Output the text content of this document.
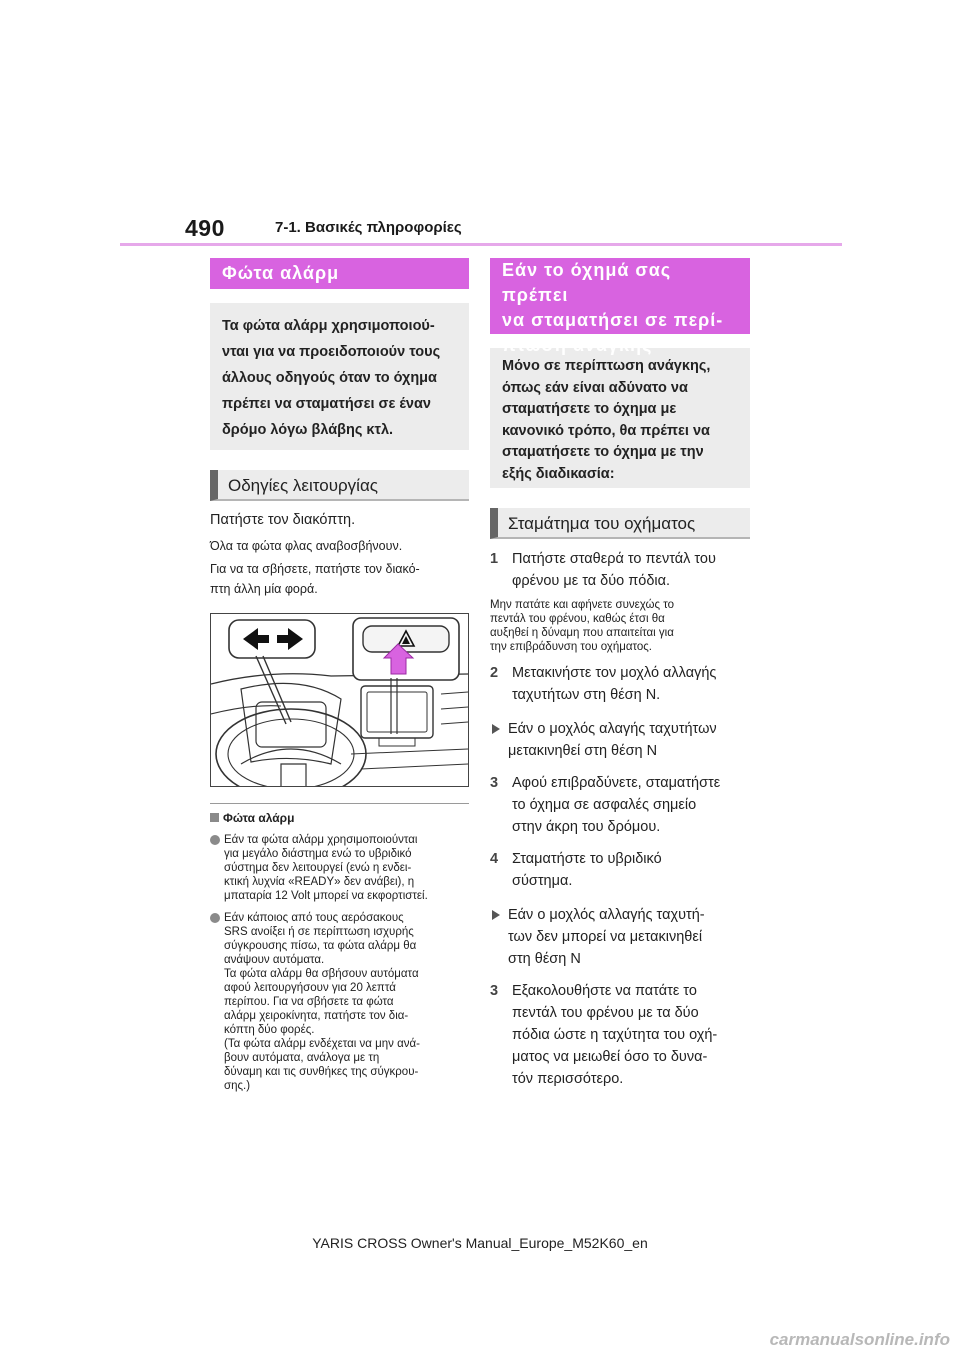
490	7-1. Βασικές πληροφορίες
Φώτα αλάρμ
Τα φώτα αλάρμ χρησιμοποιού-
νται για να προειδοποιούν τους
άλλους οδηγούς όταν το όχημα
πρέπει να σταματήσει σε έναν
δρόμο λόγω βλάβης κτλ.
Οδηγίες λειτουργίας
Πατήστε τον διακόπτη.
Όλα τα φώτα φλας αναβοσβήνουν.
Για να τα σβήσετε, πατήστε τον διακό-
πτη άλλη μία φορά.
Φώτα αλάρμ
Εάν τα φώτα αλάρμ χρησιμοποιούνται
για μεγάλο διάστημα ενώ το υβριδικό
σύστημα δεν λειτουργεί (ενώ η ενδει-
κτική λυχνία «READY» δεν ανάβει), η
μπαταρία 12 Volt μπορεί να εκφορτιστεί.
Εάν κάποιος από τους αερόσακους
SRS ανοίξει ή σε περίπτωση ισχυρής
σύγκρουσης πίσω, τα φώτα αλάρμ θα
ανάψουν αυτόματα.
Τα φώτα αλάρμ θα σβήσουν αυτόματα
αφού λειτουργήσουν για 20 λεπτά
περίπου. Για να σβήσετε τα φώτα
αλάρμ χειροκίνητα, πατήστε τον δια-
κόπτη δύο φορές.
(Τα φώτα αλάρμ ενδέχεται να μην ανά-
βουν αυτόματα, ανάλογα με τη
δύναμη και τις συνθήκες της σύγκρου-
σης.)
Εάν το όχημά σας πρέπει
να σταματήσει σε περί-
πτωση ανάγκης
Μόνο σε περίπτωση ανάγκης,
όπως εάν είναι αδύνατο να
σταματήσετε το όχημα με
κανονικό τρόπο, θα πρέπει να
σταματήσετε το όχημα με την
εξής διαδικασία:
Σταμάτημα του οχήματος
1 Πατήστε σταθερά το πεντάλ του
φρένου με τα δύο πόδια.
Μην πατάτε και αφήνετε συνεχώς το
πεντάλ του φρένου, καθώς έτσι θα
αυξηθεί η δύναμη που απαιτείται για
την επιβράδυνση του οχήματος.
2 Μετακινήστε τον μοχλό αλλαγής
ταχυτήτων στη θέση N.
Εάν ο μοχλός αλαγής ταχυτήτων
μετακινηθεί στη θέση N
3 Αφού επιβραδύνετε, σταματήστε
το όχημα σε ασφαλές σημείο
στην άκρη του δρόμου.
4 Σταματήστε το υβριδικό
σύστημα.
Εάν ο μοχλός αλλαγής ταχυτή-
των δεν μπορεί να μετακινηθεί
στη θέση N
3 Εξακολουθήστε να πατάτε το
πεντάλ του φρένου με τα δύο
πόδια ώστε η ταχύτητα του οχή-
ματος να μειωθεί όσο το δυνα-
τόν περισσότερο.
YARIS CROSS Owner's Manual_Europe_M52K60_en
carmanualsonline.info
